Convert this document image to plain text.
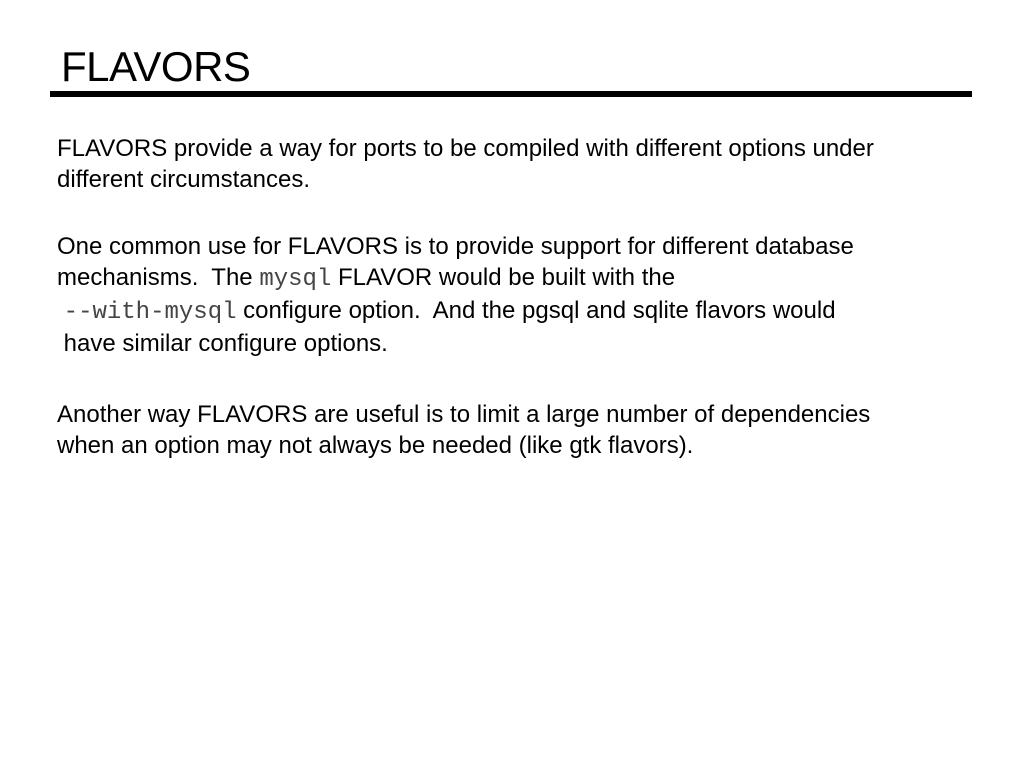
FLAVORS
FLAVORS provide a way for ports to be compiled with different options under
different circumstances.
One common use for FLAVORS is to provide support for different database
mechanisms.  The mysql FLAVOR would be built with the
--with-mysql configure option.  And the pgsql and sqlite flavors would
have similar configure options.
Another way FLAVORS are useful is to limit a large number of dependencies
when an option may not always be needed (like gtk flavors).
